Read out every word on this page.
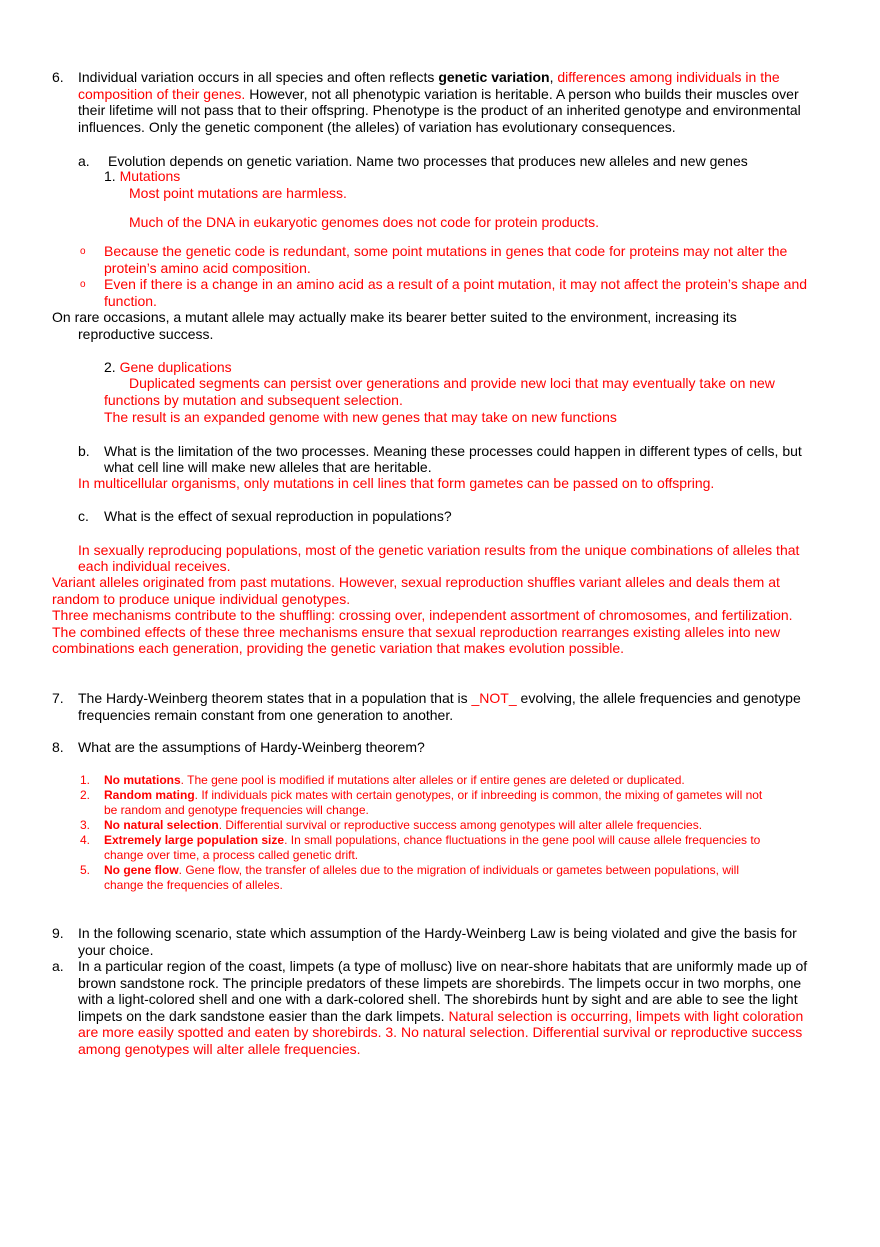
6. Individual variation occurs in all species and often reflects genetic variation, differences among individuals in the
composition of their genes. However, not all phenotypic variation is heritable. A person who builds their muscles over
their lifetime will not pass that to their offspring. Phenotype is the product of an inherited genotype and environmental
influences. Only the genetic component (the alleles) of variation has evolutionary consequences.
a. Evolution depends on genetic variation. Name two processes that produces new alleles and new genes
1. Mutations
Most point mutations are harmless.
Much of the DNA in eukaryotic genomes does not code for protein products.
o Because the genetic code is redundant, some point mutations in genes that code for proteins may not alter the
protein’s amino acid composition.
o Even if there is a change in an amino acid as a result of a point mutation, it may not affect the protein’s shape and
function.
On rare occasions, a mutant allele may actually make its bearer better suited to the environment, increasing its
reproductive success.
2. Gene duplications
Duplicated segments can persist over generations and provide new loci that may eventually take on new
functions by mutation and subsequent selection.
The result is an expanded genome with new genes that may take on new functions
b. What is the limitation of the two processes. Meaning these processes could happen in different types of cells, but
what cell line will make new alleles that are heritable.
In multicellular organisms, only mutations in cell lines that form gametes can be passed on to offspring.
c. What is the effect of sexual reproduction in populations?
In sexually reproducing populations, most of the genetic variation results from the unique combinations of alleles that
each individual receives.
Variant alleles originated from past mutations. However, sexual reproduction shuffles variant alleles and deals them at
random to produce unique individual genotypes.
Three mechanisms contribute to the shuffling: crossing over, independent assortment of chromosomes, and fertilization.
The combined effects of these three mechanisms ensure that sexual reproduction rearranges existing alleles into new
combinations each generation, providing the genetic variation that makes evolution possible.
7. The Hardy-Weinberg theorem states that in a population that is _NOT_ evolving, the allele frequencies and genotype
frequencies remain constant from one generation to another.
8. What are the assumptions of Hardy-Weinberg theorem?
1. No mutations. The gene pool is modified if mutations alter alleles or if entire genes are deleted or duplicated.
2. Random mating. If individuals pick mates with certain genotypes, or if inbreeding is common, the mixing of gametes will not
be random and genotype frequencies will change.
3. No natural selection. Differential survival or reproductive success among genotypes will alter allele frequencies.
4. Extremely large population size. In small populations, chance fluctuations in the gene pool will cause allele frequencies to
change over time, a process called genetic drift.
5. No gene flow. Gene flow, the transfer of alleles due to the migration of individuals or gametes between populations, will
change the frequencies of alleles.
9. In the following scenario, state which assumption of the Hardy-Weinberg Law is being violated and give the basis for
your choice.
a. In a particular region of the coast, limpets (a type of mollusc) live on near-shore habitats that are uniformly made up of
brown sandstone rock. The principle predators of these limpets are shorebirds. The limpets occur in two morphs, one
with a light-colored shell and one with a dark-colored shell. The shorebirds hunt by sight and are able to see the light
limpets on the dark sandstone easier than the dark limpets. Natural selection is occurring, limpets with light coloration
are more easily spotted and eaten by shorebirds. 3. No natural selection. Differential survival or reproductive success
among genotypes will alter allele frequencies.
